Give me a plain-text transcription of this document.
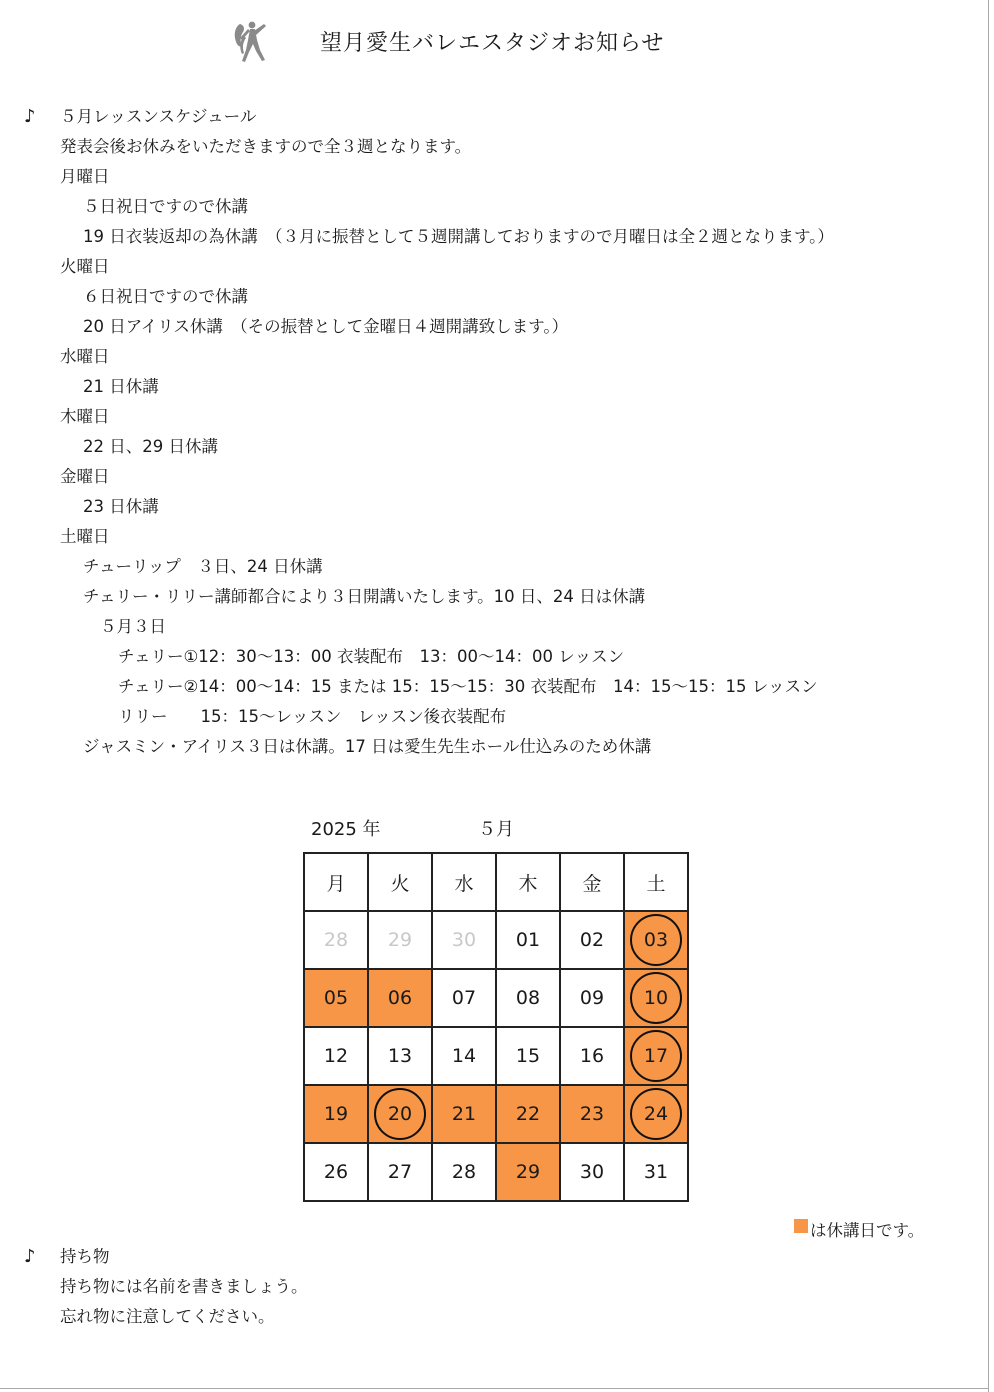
望月愛生バレエスタジオお知らせ
♪ ５月レッスンスケジュール
発表会後お休みをいただきますので全３週となります。
月曜日
５日祝日ですので休講
19 日衣装返却の為休講　（３月に振替として５週開講しておりますので月曜日は全２週となります。）
火曜日
６日祝日ですので休講
20 日アイリス休講　（その振替として金曜日４週開講致します。）
水曜日
21 日休講
木曜日
22 日、29 日休講
金曜日
23 日休講
土曜日
チューリップ　３日、24 日休講
チェリー・リリー講師都合により３日開講いたします。10 日、24 日は休講
５月３日
チェリー①12：30〜13：00 衣装配布　13：00〜14：00 レッスン
チェリー②14：00〜14：15 または 15：15〜15：30 衣装配布　14：15〜15：15 レッスン
リリー　　15：15〜レッスン　レッスン後衣装配布
ジャスミン・アイリス３日は休講。17 日は愛生先生ホール仕込みのため休講
2025 年	５月
月	火	水	木	金	土
28 29 30 01 02 03
05 06 07 08 09 10
12 13 14 15 16 17
19 20 21 22 23 24
26 27 28 29 30 31
は休講日です。
♪ 持ち物
持ち物には名前を書きましょう。
忘れ物に注意してください。
